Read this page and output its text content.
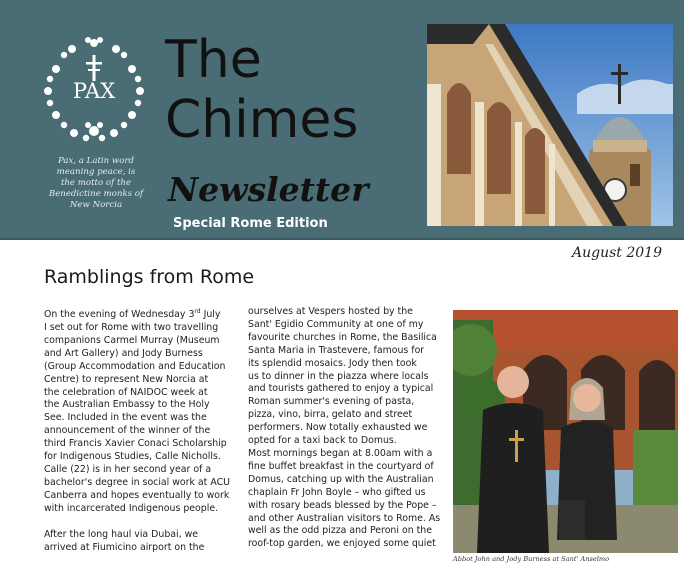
PAX
Pax, a Latin word
meaning peace, is
the motto of the
Benedictine monks of
New Norcia
The
Chimes
Newsletter
Special Rome Edition
August 2019
Ramblings from Rome

On the evening of Wednesday 3rd July
I set out for Rome with two travelling
companions Carmel Murray (Museum
and Art Gallery) and Jody Burness
(Group Accommodation and Education
Centre) to represent New Norcia at
the celebration of NAIDOC week at
the Australian Embassy to the Holy
See. Included in the event was the
announcement of the winner of the
third Francis Xavier Conaci Scholarship
for Indigenous Studies, Calle Nicholls.
Calle (22) is in her second year of a
bachelor's degree in social work at ACU
Canberra and hopes eventually to work
with incarcerated Indigenous people.

After the long haul via Dubai, we
arrived at Fiumicino airport on the

ourselves at Vespers hosted by the
Sant' Egidio Community at one of my
favourite churches in Rome, the Basilica
Santa Maria in Trastevere, famous for
its splendid mosaics. Jody then took
us to dinner in the piazza where locals
and tourists gathered to enjoy a typical
Roman summer's evening of pasta,
pizza, vino, birra, gelato and street
performers. Now totally exhausted we
opted for a taxi back to Domus.
Most mornings began at 8.00am with a
fine buffet breakfast in the courtyard of
Domus, catching up with the Australian
chaplain Fr John Boyle – who gifted us
with rosary beads blessed by the Pope –
and other Australian visitors to Rome. As
well as the odd pizza and Peroni on the
roof-top garden, we enjoyed some quiet

Abbot John and Jody Burness at Sant' Anselmo
